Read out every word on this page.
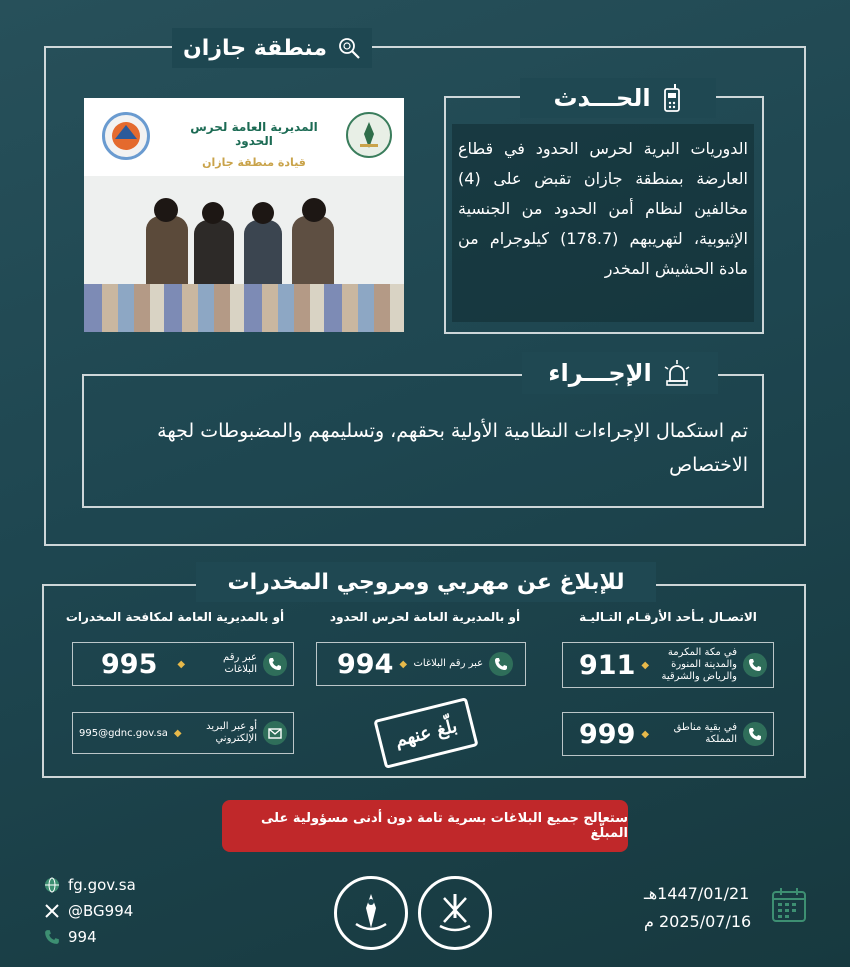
منطقة جازان
المديرية العامة لحرس الحدود
قيادة منطقة جازان
الحـــدث
الدوريات البرية لحرس الحدود في قطاع العارضة بمنطقة جازان تقبض على (4) مخالفين لنظام أمن الحدود من الجنسية الإثيوبية، لتهريبهم (178.7) كيلوجرام من مادة الحشيش المخدر
الإجـــراء
تم استكمال الإجراءات النظامية الأولية بحقهم، وتسليمهم والمضبوطات لجهة الاختصاص
للإبلاغ عن مهربي ومروجي المخدرات
الاتصـال بـأحد الأرقـام التـاليـة
أو بالمديرية العامة لحرس الحدود
أو بالمديرية العامة لمكافحة المخدرات
911 ◆
في مكة المكرمة والمدينة المنورة والرياض والشرقية
999 ◆
في بقية مناطق المملكة
994 ◆ عبر رقم البلاغات
995 ◆
عبر رقم البلاغات
995@gdnc.gov.sa ◆
أو عبر البريد الإلكتروني	بلّغ عنهم
ستعالج جميع البلاغات بسرية تامة دون أدنى مسؤولية على المبلّغ
fg.gov.sa
@BG994
994
1447/01/21هـ
2025/07/16 م
